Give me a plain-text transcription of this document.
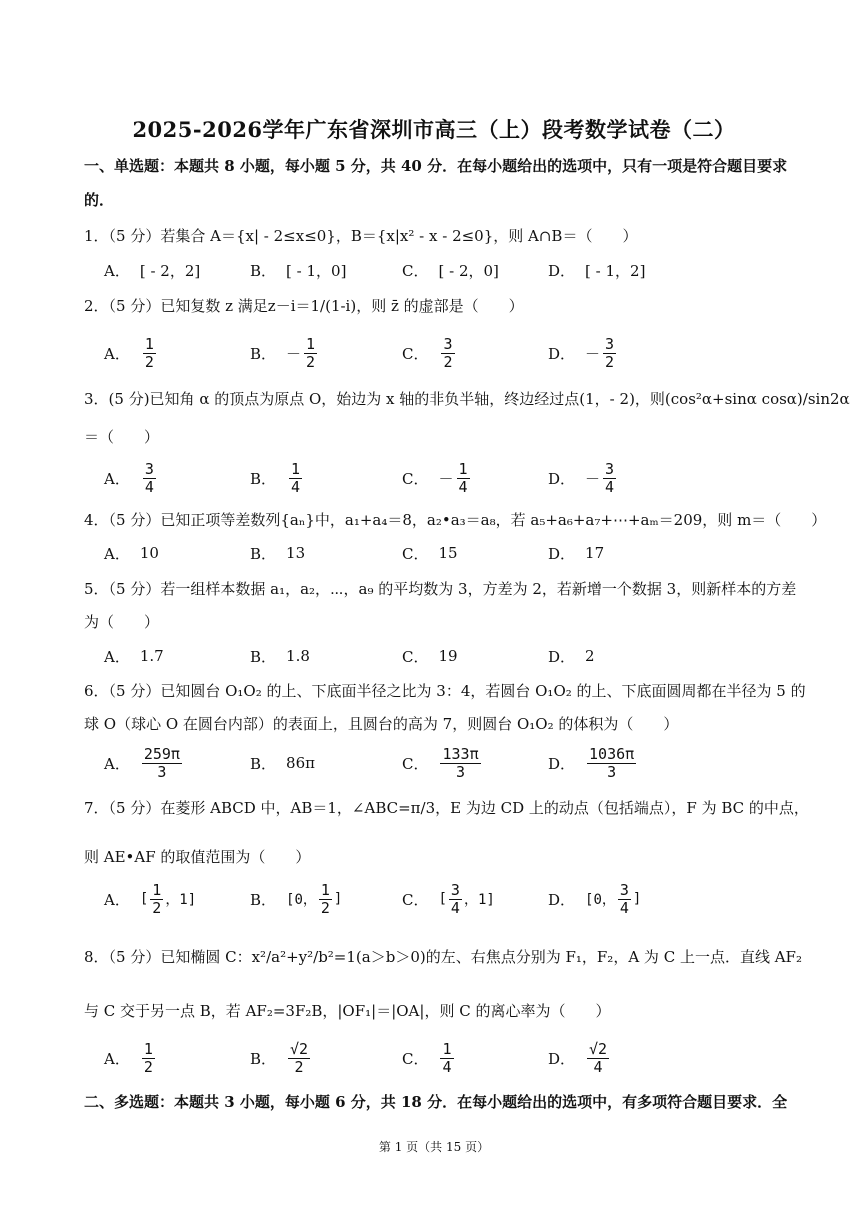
2025-2026学年广东省深圳市高三（上）段考数学试卷（二）
一、单选题：本题共 8 小题，每小题 5 分，共 40 分．在每小题给出的选项中，只有一项是符合题目要求
的．
1．（5 分）若集合 A＝{x| - 2≤x≤0}，B＝{x|x² - x - 2≤0}，则 A∩B＝（　　）
A． [ - 2，2]	B． [ - 1，0]	C． [ - 2，0]	D． [ - 1，2]
2．（5 分）已知复数 z 满足z－i＝1/(1-i)，则 z̄ 的虚部是（　　）
A． $\frac{1}{2}$	B． － $\frac{1}{2}$	C． $\frac{3}{2}$	D． － $\frac{3}{2}$
3．(5 分)已知角 α 的顶点为原点 O，始边为 x 轴的非负半轴，终边经过点(1，- 2)，则(cos²α+sinα cosα)/sin2α
＝（　　）
A． $\frac{3}{4}$	B． $\frac{1}{4}$	C． － $\frac{1}{4}$	D． － $\frac{3}{4}$
4．（5 分）已知正项等差数列{aₙ}中，a₁+a₄＝8，a₂•a₃＝a₈，若 a₅+a₆+a₇+⋯+aₘ＝209，则 m＝（　　）
A． 10	B． 13	C． 15	D． 17
5．（5 分）若一组样本数据 a₁，a₂，⋯，a₉ 的平均数为 3，方差为 2，若新增一个数据 3，则新样本的方差
为（　　）
A． 1.7	B． 1.8	C． 19	D． 2
6．（5 分）已知圆台 O₁O₂ 的上、下底面半径之比为 3：4，若圆台 O₁O₂ 的上、下底面圆周都在半径为 5 的
球 O（球心 O 在圆台内部）的表面上，且圆台的高为 7，则圆台 O₁O₂ 的体积为（　　）
A． $\frac{259\pi}{3}$	B． 86π	C． $\frac{133\pi}{3}$	D． $\frac{1036\pi}{3}$
7．（5 分）在菱形 ABCD 中，AB＝1，∠ABC=π/3，E 为边 CD 上的动点（包括端点），F 为 BC 的中点，
则 AE•AF 的取值范围为（　　）
A． [ $\frac{1}{2}$ ，1]	B． [0， $\frac{1}{2}$ ]	C． [ $\frac{3}{4}$ ，1]	D． [0， $\frac{3}{4}$ ]
8．（5 分）已知椭圆 C：x²/a²+y²/b²=1(a＞b＞0)的左、右焦点分别为 F₁，F₂，A 为 C 上一点．直线 AF₂
与 C 交于另一点 B，若 AF₂=3F₂B，|OF₁|＝|OA|，则 C 的离心率为（　　）
A． $\frac{1}{2}$	B． $\frac{√2}{2}$	C． $\frac{1}{4}$	D． $\frac{√2}{4}$
二、多选题：本题共 3 小题，每小题 6 分，共 18 分．在每小题给出的选项中，有多项符合题目要求．全
第 1 页（共 15 页）
